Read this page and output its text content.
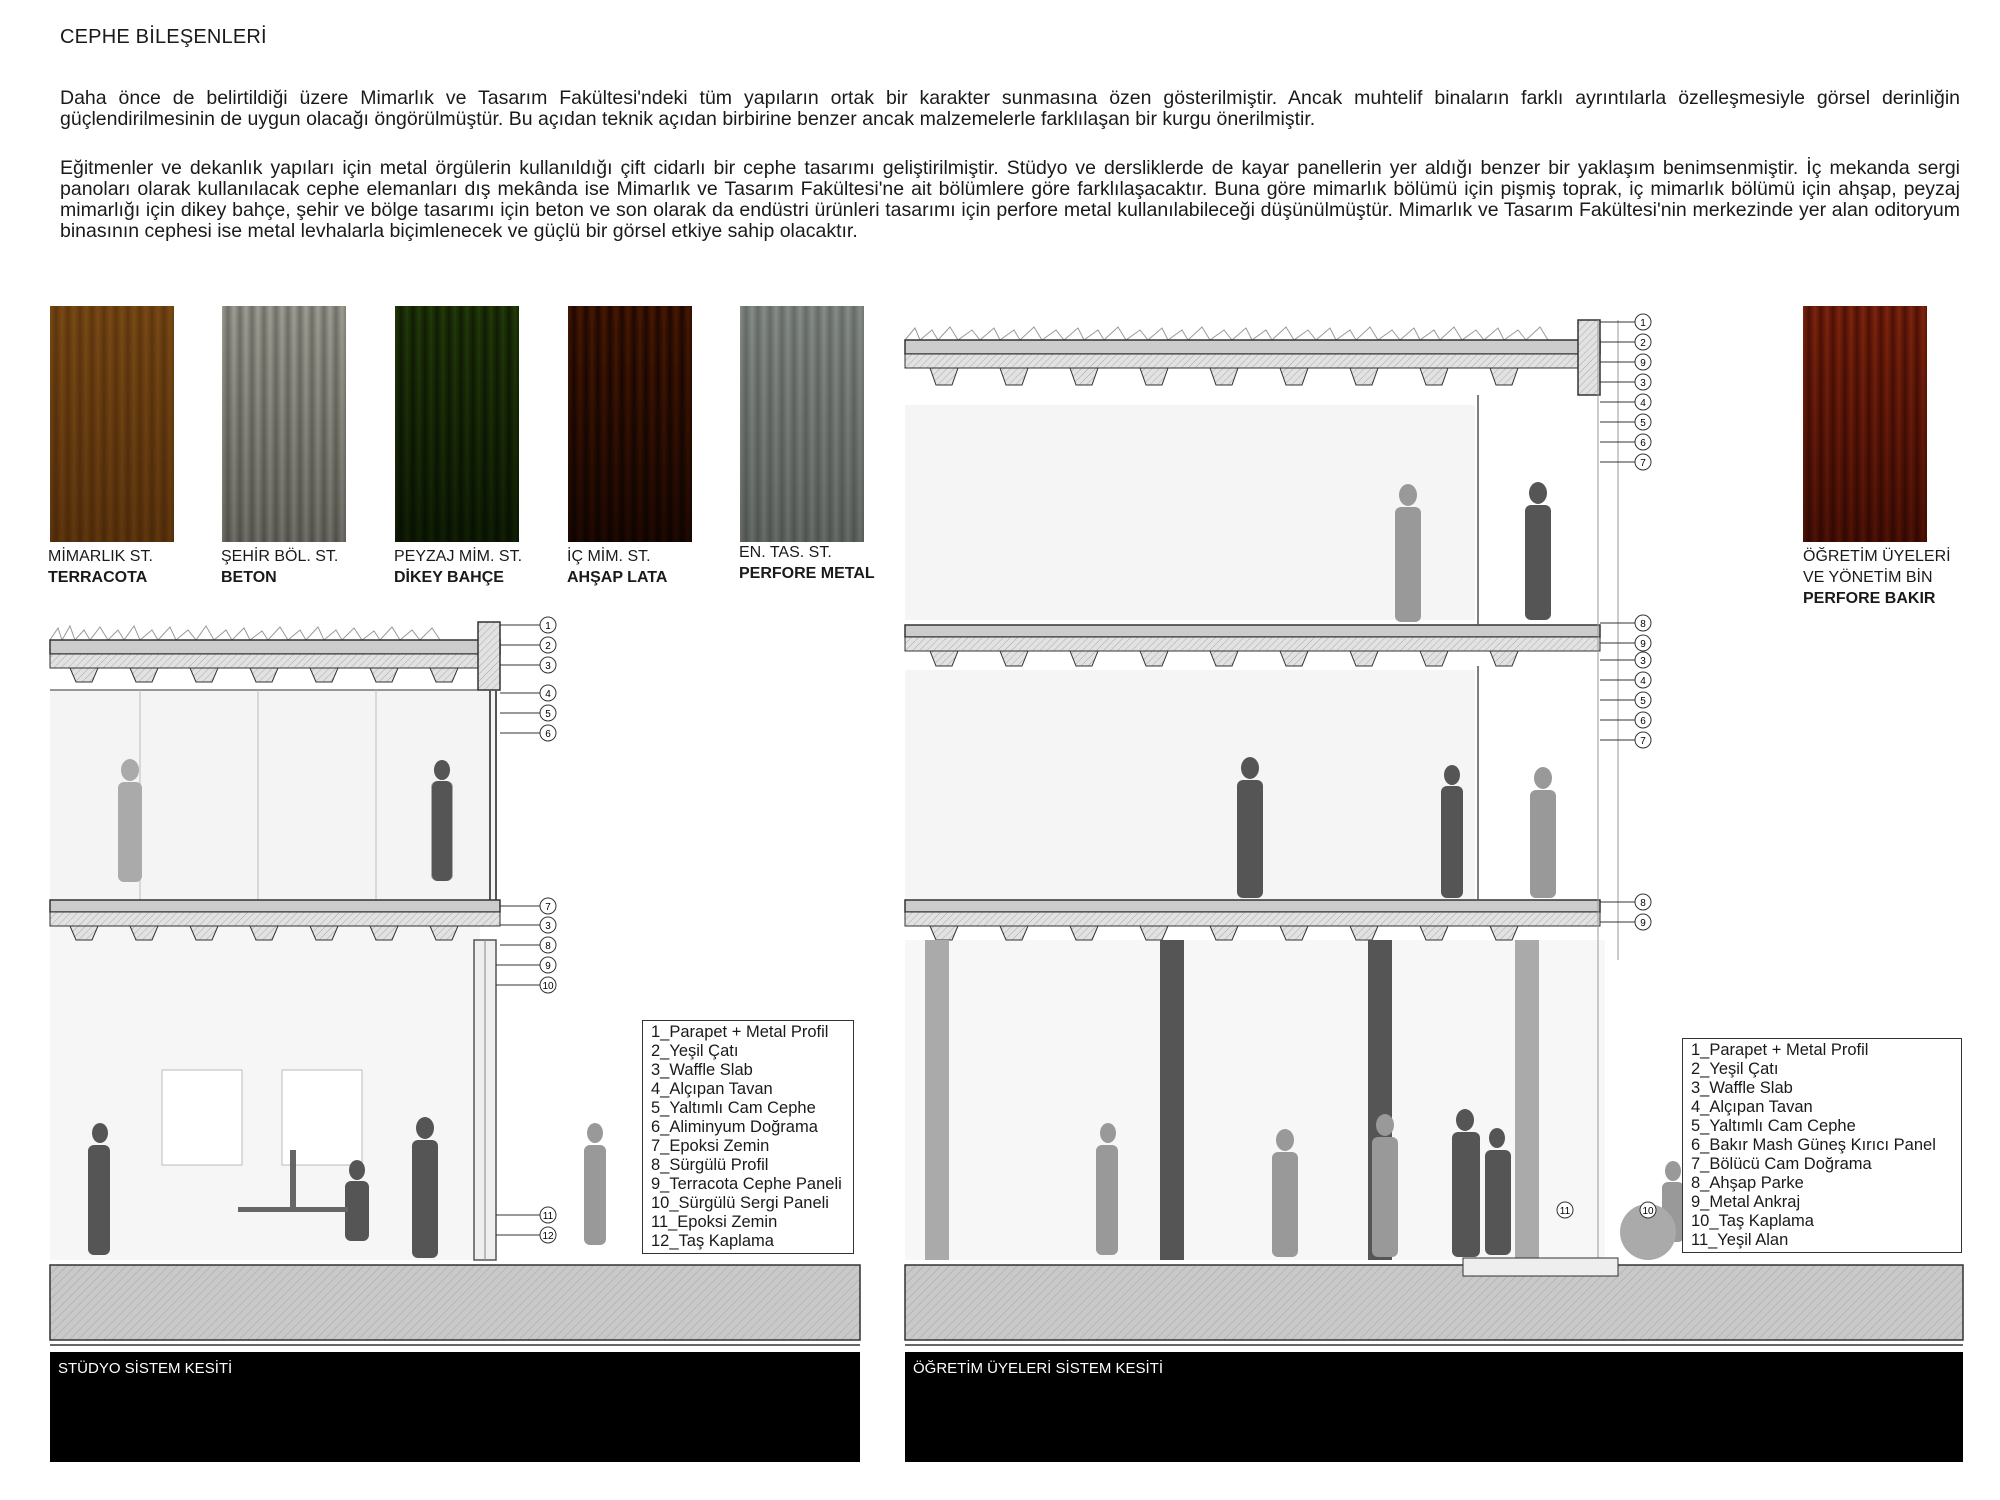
CEPHE BİLEŞENLERİ
Daha önce de belirtildiği üzere Mimarlık ve Tasarım Fakültesi'ndeki tüm yapıların ortak bir karakter sunmasına özen gösterilmiştir. Ancak muhtelif binaların farklı ayrıntılarla özelleşmesiyle görsel derinliğin güçlendirilmesinin de uygun olacağı öngörülmüştür. Bu açıdan teknik açıdan birbirine benzer ancak malzemelerle farklılaşan bir kurgu önerilmiştir.
Eğitmenler ve dekanlık yapıları için metal örgülerin kullanıldığı çift cidarlı bir cephe tasarımı geliştirilmiştir. Stüdyo ve dersliklerde de kayar panellerin yer aldığı benzer bir yaklaşım benimsenmiştir. İç mekanda sergi panoları olarak kullanılacak cephe elemanları dış mekânda ise Mimarlık ve Tasarım Fakültesi'ne ait bölümlere göre farklılaşacaktır. Buna göre mimarlık bölümü için pişmiş toprak, iç mimarlık bölümü için ahşap, peyzaj mimarlığı için dikey bahçe, şehir ve bölge tasarımı için beton ve son olarak da endüstri ürünleri tasarımı için perfore metal kullanılabileceği düşünülmüştür. Mimarlık ve Tasarım Fakültesi'nin merkezinde yer alan oditoryum binasının cephesi ise metal levhalarla biçimlenecek ve güçlü bir görsel etkiye sahip olacaktır.
MİMARLIK ST.
TERRACOTA
ŞEHİR BÖL. ST.
BETON
PEYZAJ MİM. ST.
DİKEY BAHÇE
İÇ MİM. ST.
AHŞAP LATA
EN. TAS. ST.
PERFORE METAL
ÖĞRETİM ÜYELERİ
VE YÖNETİM BİN
PERFORE BAKIR
1
2
3
4
5
6
7
3
8
9
10
11
12
1
2
9
3
4
5
6
7
8
9
3
4
5
6
7
8
9
11	10
1_Parapet + Metal Profil
2_Yeşil Çatı
3_Waffle Slab
4_Alçıpan Tavan
5_Yaltımlı Cam Cephe
6_Aliminyum Doğrama
7_Epoksi Zemin
8_Sürgülü Profil
9_Terracota Cephe Paneli
10_Sürgülü Sergi Paneli
11_Epoksi Zemin
12_Taş Kaplama
1_Parapet + Metal Profil
2_Yeşil Çatı
3_Waffle Slab
4_Alçıpan Tavan
5_Yaltımlı Cam Cephe
6_Bakır Mash Güneş Kırıcı Panel
7_Bölücü Cam Doğrama
8_Ahşap Parke
9_Metal Ankraj
10_Taş Kaplama
11_Yeşil Alan
STÜDYO SİSTEM KESİTİ	ÖĞRETİM ÜYELERİ SİSTEM KESİTİ
